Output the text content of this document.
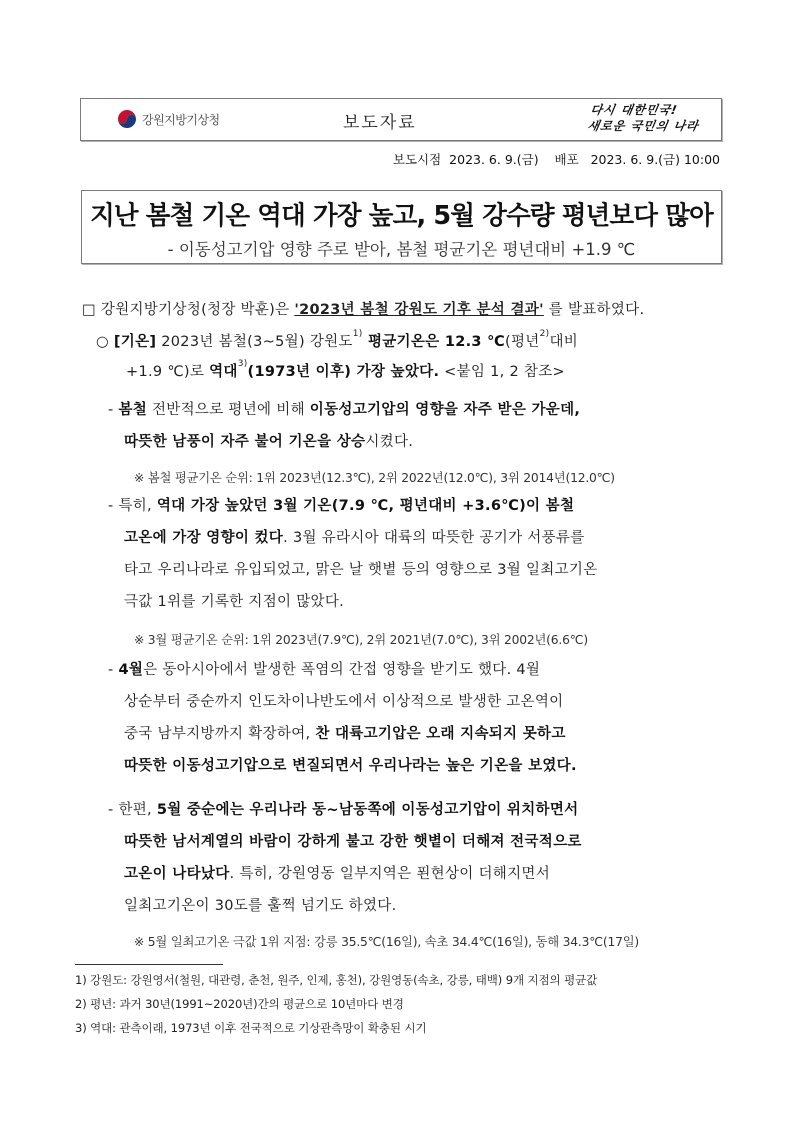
강원지방기상청	보도자료
다시 대한민국!
새로운 국민의 나라
보도시점 2023. 6. 9.(금) 배포 2023. 6. 9.(금) 10:00
지난 봄철 기온 역대 가장 높고, 5월 강수량 평년보다 많아
- 이동성고기압 영향 주로 받아, 봄철 평균기온 평년대비 +1.9 ℃
□ 강원지방기상청(청장 박훈)은 '2023년 봄철 강원도 기후 분석 결과' 를 발표하였다.
○ [기온] 2023년 봄철(3~5월) 강원도$^{1)}$ 평균기온은 12.3 ℃(평년$^{2)}$대비
+1.9 ℃)로 역대$^{3)}$(1973년 이후) 가장 높았다. <붙임 1, 2 참조>
- 봄철 전반적으로 평년에 비해 이동성고기압의 영향을 자주 받은 가운데,
따뜻한 남풍이 자주 불어 기온을 상승시켰다.
※ 봄철 평균기온 순위: 1위 2023년(12.3℃), 2위 2022년(12.0℃), 3위 2014년(12.0℃)
- 특히, 역대 가장 높았던 3월 기온(7.9 ℃, 평년대비 +3.6℃)이 봄철
고온에 가장 영향이 컸다. 3월 유라시아 대륙의 따뜻한 공기가 서풍류를
타고 우리나라로 유입되었고, 맑은 날 햇볕 등의 영향으로 3월 일최고기온
극값 1위를 기록한 지점이 많았다.
※ 3월 평균기온 순위: 1위 2023년(7.9℃), 2위 2021년(7.0℃), 3위 2002년(6.6℃)
- 4월은 동아시아에서 발생한 폭염의 간접 영향을 받기도 했다. 4월
상순부터 중순까지 인도차이나반도에서 이상적으로 발생한 고온역이
중국 남부지방까지 확장하여, 찬 대륙고기압은 오래 지속되지 못하고
따뜻한 이동성고기압으로 변질되면서 우리나라는 높은 기온을 보였다.
- 한편, 5월 중순에는 우리나라 동~남동쪽에 이동성고기압이 위치하면서
따뜻한 남서계열의 바람이 강하게 불고 강한 햇볕이 더해져 전국적으로
고온이 나타났다. 특히, 강원영동 일부지역은 푄현상이 더해지면서
일최고기온이 30도를 훌쩍 넘기도 하였다.
※ 5월 일최고기온 극값 1위 지점: 강릉 35.5℃(16일), 속초 34.4℃(16일), 동해 34.3℃(17일)
1) 강원도: 강원영서(철원, 대관령, 춘천, 원주, 인제, 홍천), 강원영동(속초, 강릉, 태백) 9개 지점의 평균값
2) 평년: 과거 30년(1991~2020년)간의 평균으로 10년마다 변경
3) 역대: 관측이래, 1973년 이후 전국적으로 기상관측망이 확충된 시기
